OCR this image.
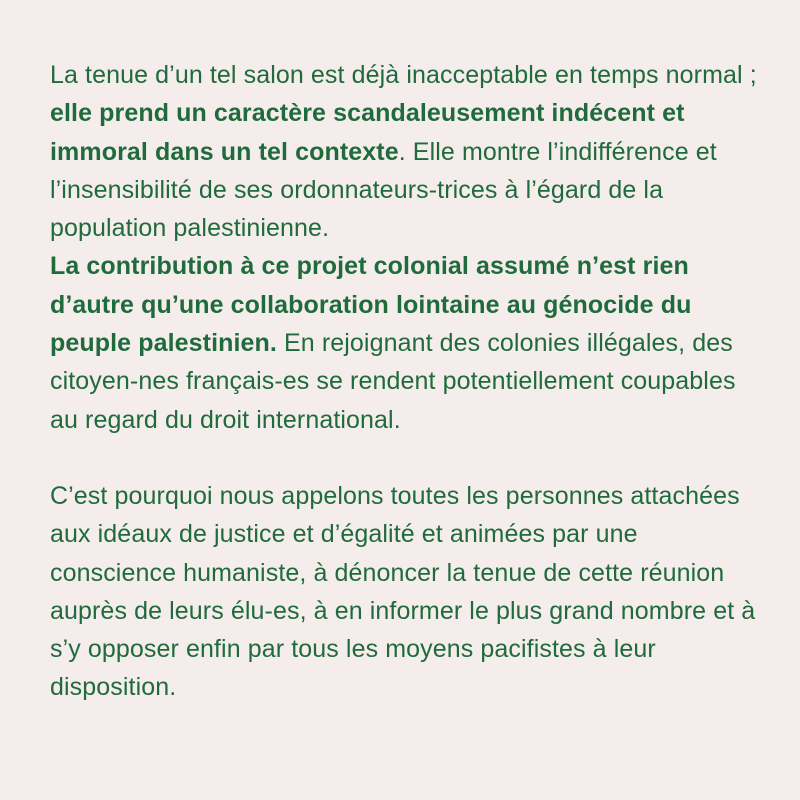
La tenue d’un tel salon est déjà inacceptable en temps normal ; elle prend un caractère scandaleusement indécent et immoral dans un tel contexte. Elle montre l’indifférence et l’insensibilité de ses ordonnateurs-trices à l’égard de la population palestinienne.

La contribution à ce projet colonial assumé n’est rien d’autre qu’une collaboration lointaine au génocide du peuple palestinien. En rejoignant des colonies illégales, des citoyen-nes français-es se rendent potentiellement coupables au regard du droit international.

C’est pourquoi nous appelons toutes les personnes attachées aux idéaux de justice et d’égalité et animées par une conscience humaniste, à dénoncer la tenue de cette réunion auprès de leurs élu-es, à en informer le plus grand nombre et à s’y opposer enfin par tous les moyens pacifistes à leur disposition.
